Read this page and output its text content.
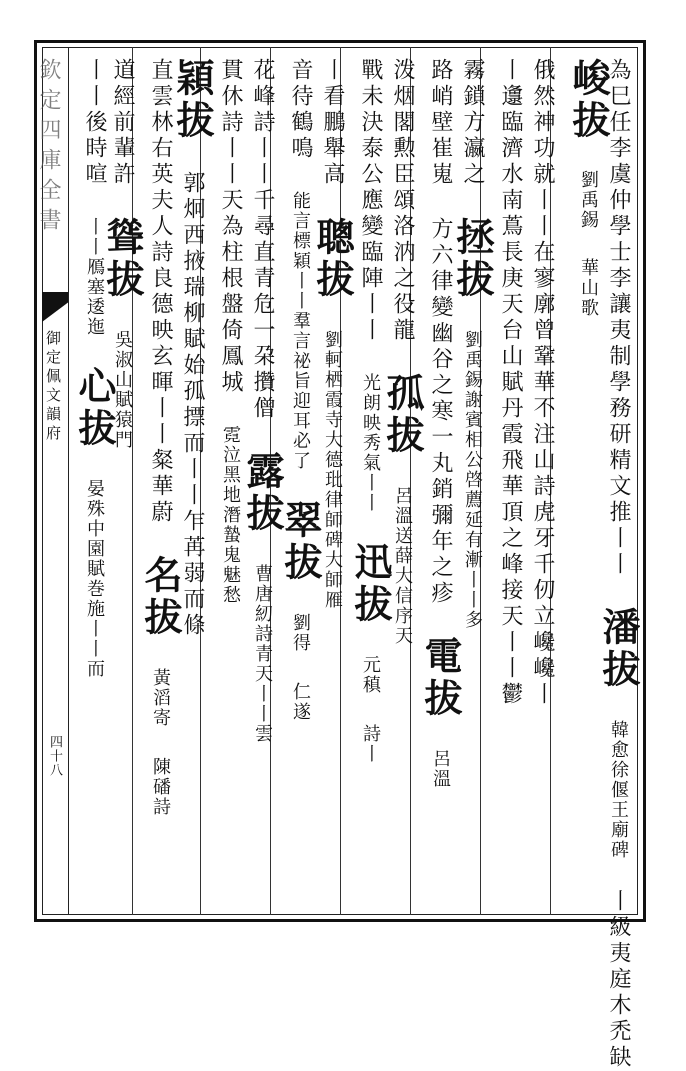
欽定四庫全書
御定佩文韻府
四十八
為巳任李虞仲學士李讓夷制學務研精文推丨丨 潘拔 韓愈徐偃王廟碑 丨級夷庭木禿缺
峻拔 劉禹錫 華山歌
俄然神功就丨丨在寥廓曾鞏華不注山詩虎牙千仞立巉巉丨
丨邍臨濟水南蔦長庚天台山賦丹霞飛華頂之峰接天丨丨鬱
霧鎖方瀛之 拯拔 劉禹錫謝賓相公啓薦延有漸丨丨多
路峭壁崔嵬 方六律變幽谷之寒一丸銷彌年之疹 電拔 呂溫
泼烟閣勲臣頌洛汭之役龍 孤拔 呂溫送薛大信序天
戰未決泰公應變臨陣丨丨 光朗映秀氣丨丨 迅拔 元稹 詩丨
丨看鵬舉高 聰拔 劉軻栖霞寺大德玭律師碑大師雁
音待鶴鳴 能言標穎丨丨羣言祕旨迎耳必了 翠拔 劉得 仁遂
花峰詩丨丨千尋直青危一朶攢僧 露拔 曹唐紉詩青天丨丨雲
貫休詩丨丨天為柱根盤倚鳳城 霓泣黑地潛蟄鬼魅愁
穎拔 郭炯西掖瑞柳賦始孤摽而丨丨乍苒弱而條
直雲林右英夫人詩良德映玄暉丨丨粲華蔚 名拔 黃滔寄 陳磻詩
道經前輩許 聳拔 吳淑山賦猿門
丨丨後時喧 丨丨鴈塞逶迤 心拔 晏殊中園賦巻施丨丨而
